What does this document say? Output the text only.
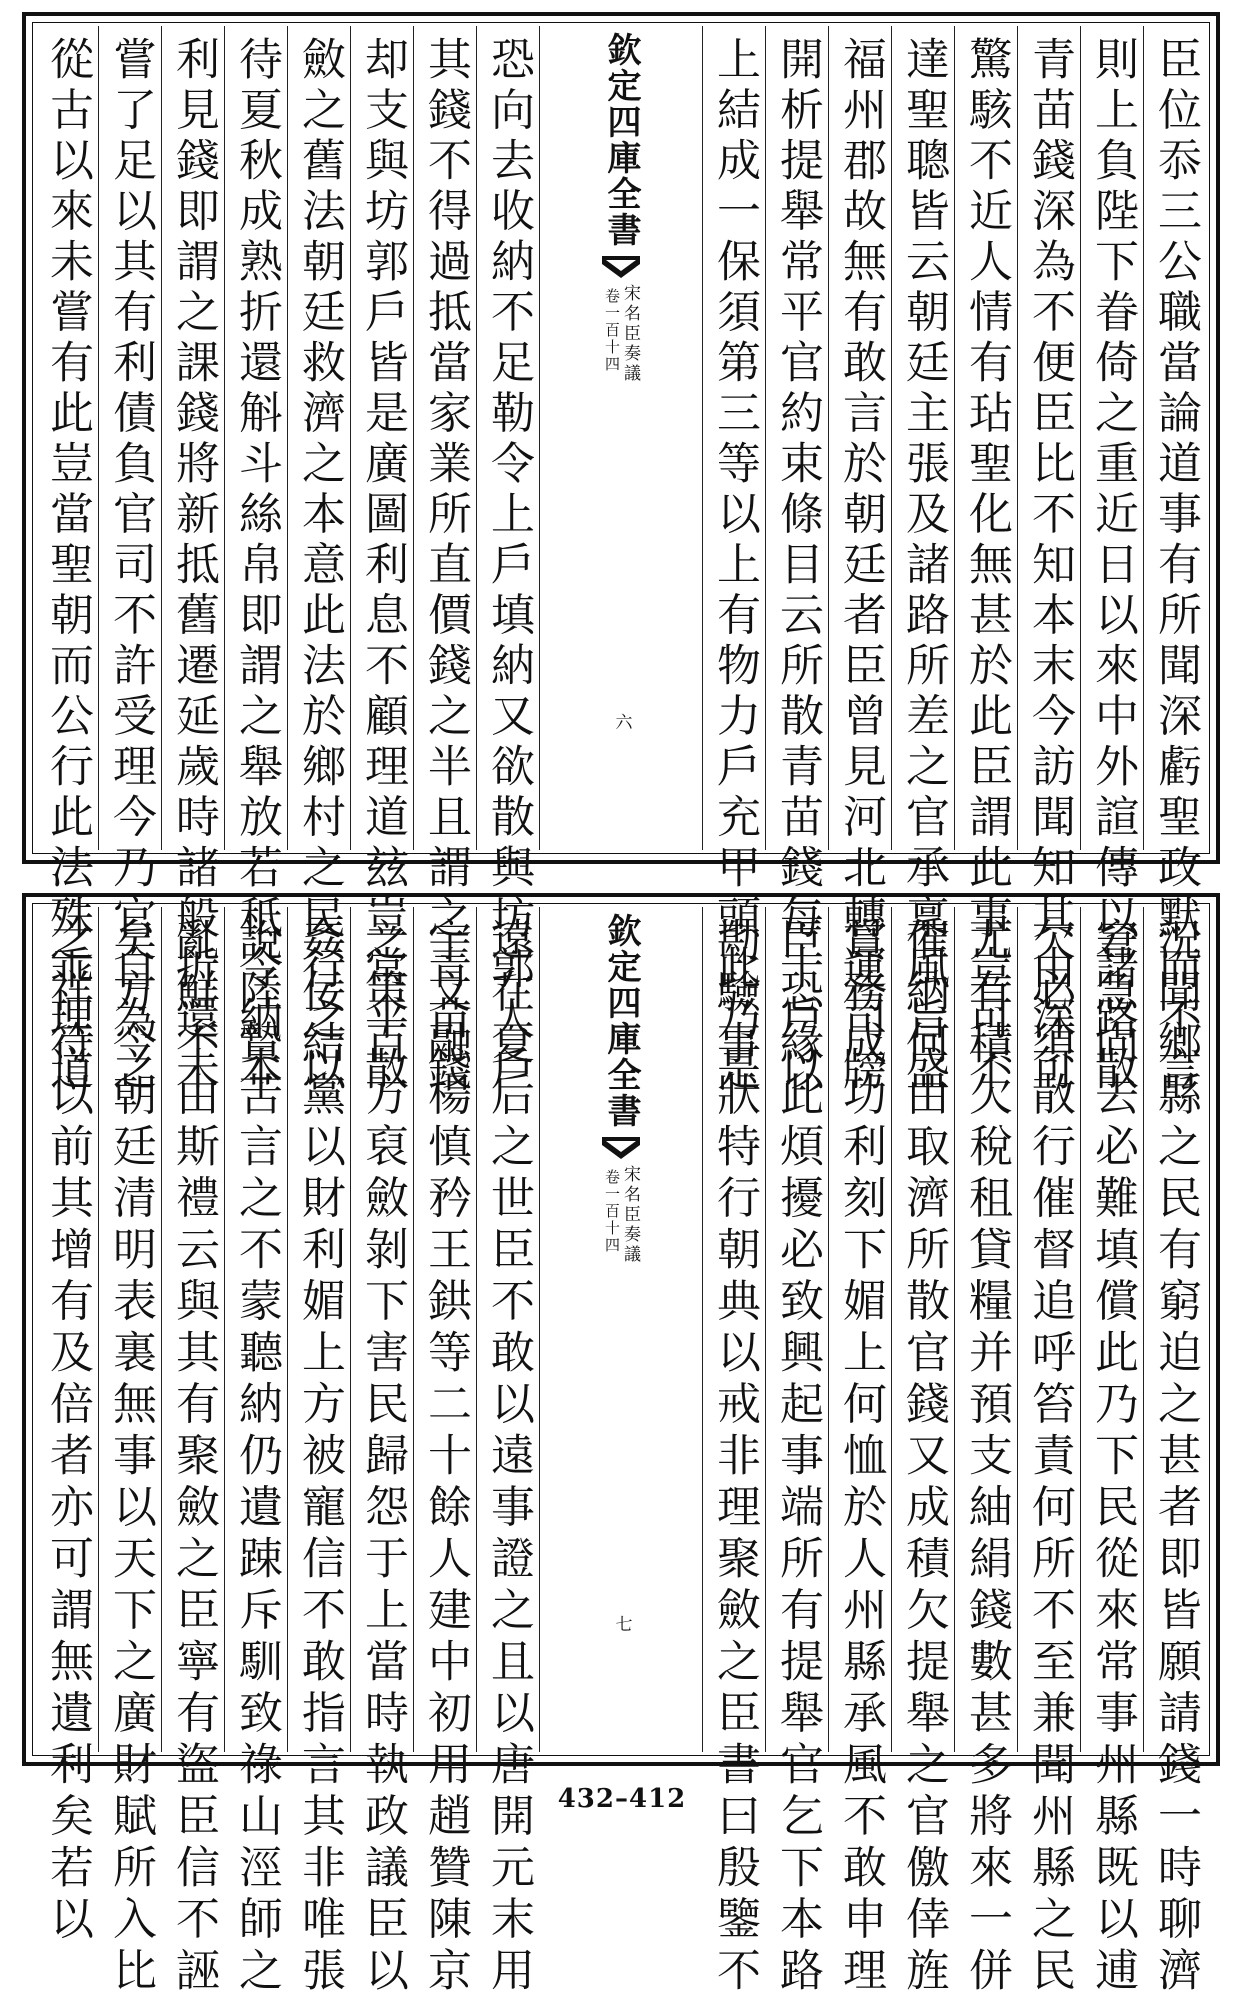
臣位忝三公職當論道事有所聞深虧聖政默而不言
則上負陛下眷倚之重近日以來中外諠傳以諸路散
青苗錢深為不便臣比不知本末今訪聞知其由深可
驚駭不近人情有玷聖化無甚於此臣謂此事豈可不
達聖聰皆云朝廷主張及諸路所差之官承稟風旨盛
福州郡故無有敢言於朝廷者臣曾見河北轉運司牓
開析提舉常平官約束條目云所散青苗錢每十戶以
上結成一保須第三等以上有物力戶充甲頭此乃是
欽定四庫全書
宋名臣奏議
卷一百十四
六
恐向去收納不足勒令上戶填納又欲散與坊郭人戶
其錢不得過抵當家業所直價錢之半且謂之青苗錢
却支與坊郭戶皆是廣圖利息不顧理道玆豈常平散
斂之舊法朝廷救濟之本意此法於鄉村之民行之以
待夏秋成熟折還斛斗絲帛即謂之舉放若秪令納本
利見錢即謂之課錢將新抵舊遷延歲時諸般折還未
嘗了足以其有利債負官司不許受理今乃官自為之
從古以來未嘗有此豈當聖朝而公行此法殊乖理道
況聞鄉縣之民有窮迫之甚者即皆願請錢一時聊濟
窘急向去必難填償此乃下民從來常事州縣既以逋
欠必須散行催督追呼笞責何所不至兼聞州縣之民
尤有積欠稅租貸糧并預支紬絹錢數甚多將來一併
催納何由取濟所散官錢又成積欠提舉之官儌倖旌
賞務成功利刻下媚上何恤於人州縣承風不敢申理
臣恐緣此煩擾必致興起事端所有提舉官乞下本路
勘驗事狀特行朝典以戒非理聚斂之臣書曰殷鑒不
欽定四庫全書
宋名臣奏議
卷一百十四
七
遠在夏后之世臣不敢以遠事證之且以唐開元末用
宇文融楊慎矜王鉷等二十餘人建中初用趙贊陳京
之策百方裒斂剝下害民歸怨于上當時執政議臣以
姦佞結黨以財利媚上方被寵信不敢指言其非唯張
說陸贄苦言之不蒙聽納仍遺踈斥馴致祿山涇師之
亂鮮不由斯禮云與其有聚斂之臣寧有盜臣信不誣
矣方今朝廷清明表裏無事以天下之廣財賦所入比
之祥符以前其增有及倍者亦可謂無遺利矣若以	432–412
